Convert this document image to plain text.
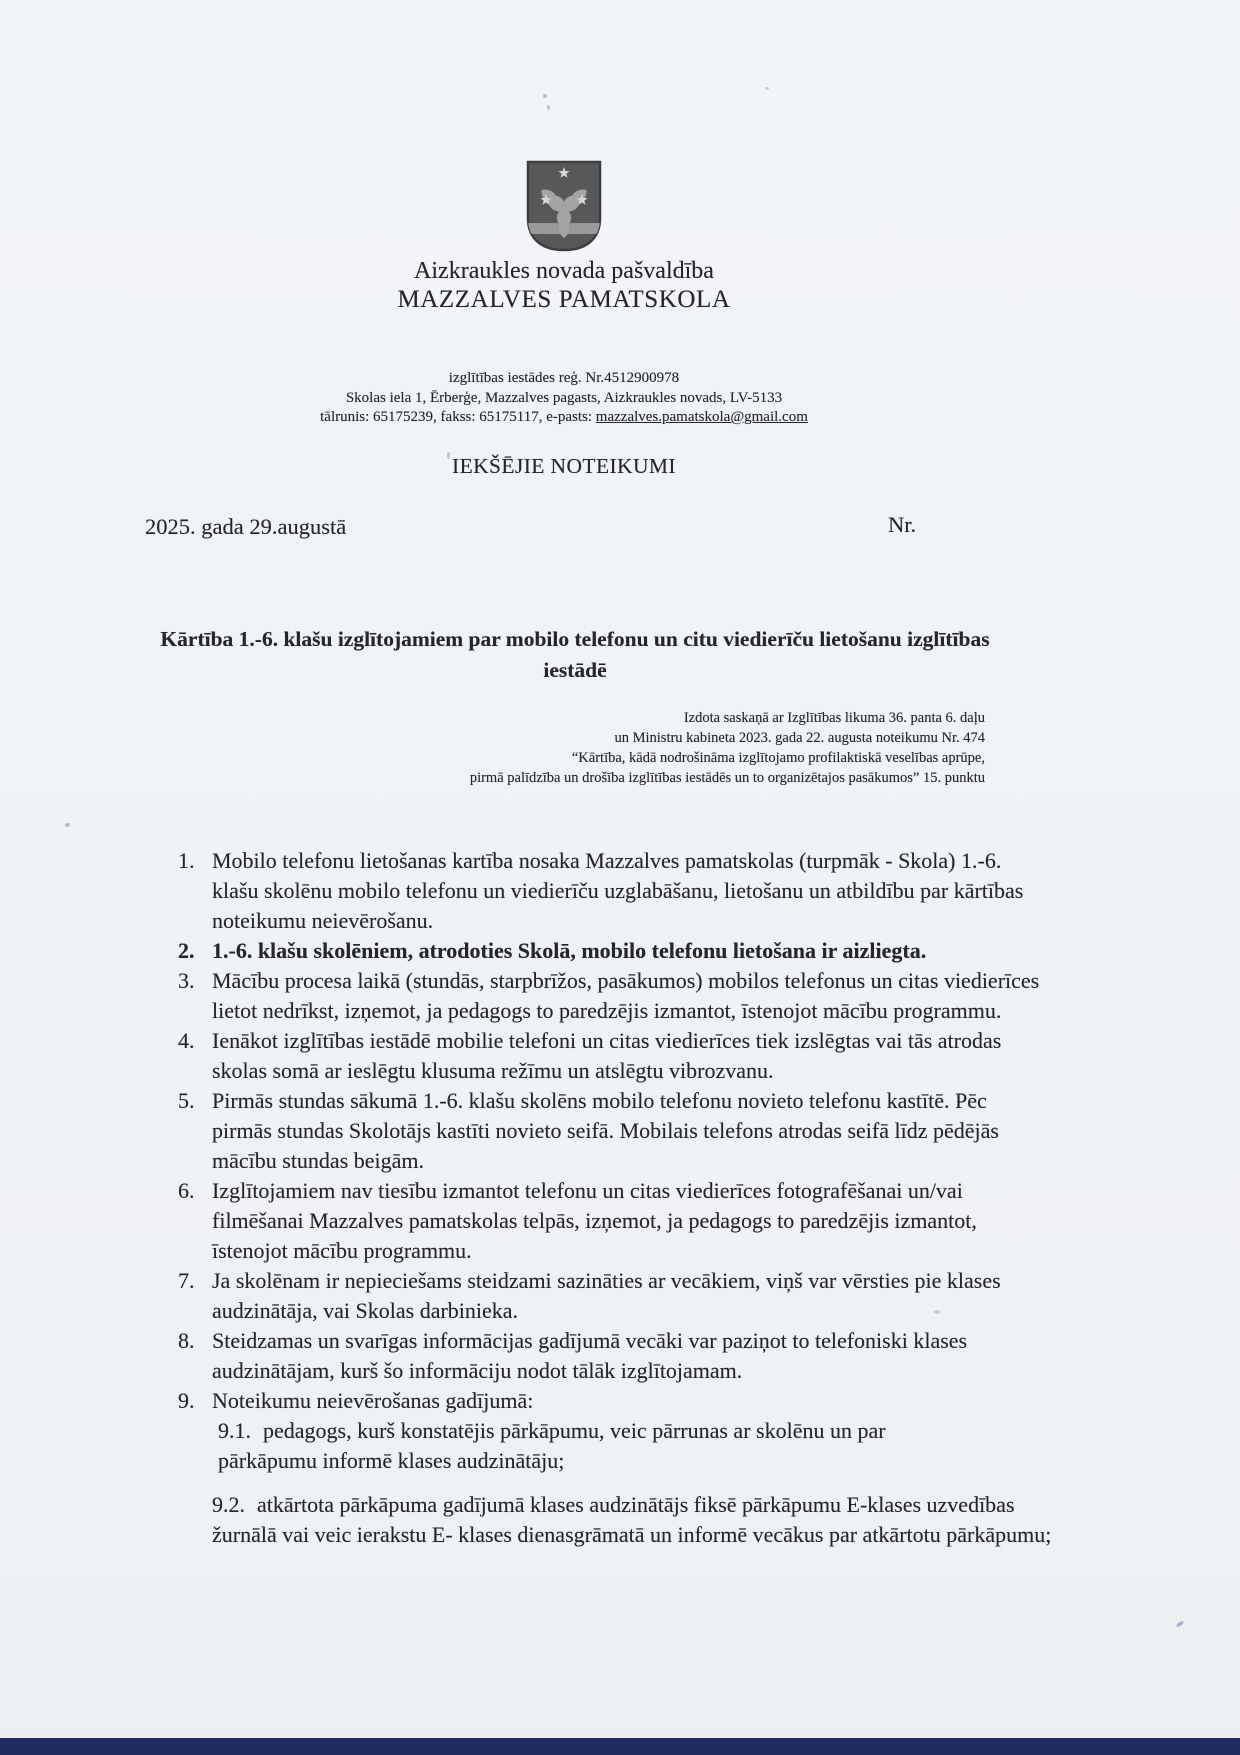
Aizkraukles novada pašvaldība
MAZZALVES PAMATSKOLA
izglītības iestādes reģ. Nr.4512900978
Skolas iela 1, Ērberģe, Mazzalves pagasts, Aizkraukles novads, LV-5133
tālrunis: 65175239, fakss: 65175117, e-pasts: mazzalves.pamatskola@gmail.com
IEKŠĒJIE NOTEIKUMI
2025. gada 29.augustā	Nr.
Kārtība 1.-6. klašu izglītojamiem par mobilo telefonu un citu viedierīču lietošanu izglītības iestādē
Izdota saskaņā ar Izglītības likuma 36. panta 6. daļu
un Ministru kabineta 2023. gada 22. augusta noteikumu Nr. 474
“Kārtība, kādā nodrošināma izglītojamo profilaktiskā veselības aprūpe,
pirmā palīdzība un drošība izglītības iestādēs un to organizētajos pasākumos” 15. punktu
1. Mobilo telefonu lietošanas kartība nosaka Mazzalves pamatskolas (turpmāk - Skola) 1.-6. klašu skolēnu mobilo telefonu un viedierīču uzglabāšanu, lietošanu un atbildību par kārtības noteikumu neievērošanu.
2. 1.-6. klašu skolēniem, atrodoties Skolā, mobilo telefonu lietošana ir aizliegta.
3. Mācību procesa laikā (stundās, starpbrīžos, pasākumos) mobilos telefonus un citas viedierīces lietot nedrīkst, izņemot, ja pedagogs to paredzējis izmantot, īstenojot mācību programmu.
4. Ienākot izglītības iestādē mobilie telefoni un citas viedierīces tiek izslēgtas vai tās atrodas skolas somā ar ieslēgtu klusuma režīmu un atslēgtu vibrozvanu.
5. Pirmās stundas sākumā 1.-6. klašu skolēns mobilo telefonu novieto telefonu kastītē. Pēc pirmās stundas Skolotājs kastīti novieto seifā. Mobilais telefons atrodas seifā līdz pēdējās mācību stundas beigām.
6. Izglītojamiem nav tiesību izmantot telefonu un citas viedierīces fotografēšanai un/vai filmēšanai Mazzalves pamatskolas telpās, izņemot, ja pedagogs to paredzējis izmantot, īstenojot mācību programmu.
7. Ja skolēnam ir nepieciešams steidzami sazināties ar vecākiem, viņš var vērsties pie klases audzinātāja, vai Skolas darbinieka.
8. Steidzamas un svarīgas informācijas gadījumā vecāki var paziņot to telefoniski klases audzinātājam, kurš šo informāciju nodot tālāk izglītojamam.
9. Noteikumu neievērošanas gadījumā:
9.1. pedagogs, kurš konstatējis pārkāpumu, veic pārrunas ar skolēnu un par pārkāpumu informē klases audzinātāju;
9.2. atkārtota pārkāpuma gadījumā klases audzinātājs fiksē pārkāpumu E-klases uzvedības žurnālā vai veic ierakstu E- klases dienasgrāmatā un informē vecākus par atkārtotu pārkāpumu;
